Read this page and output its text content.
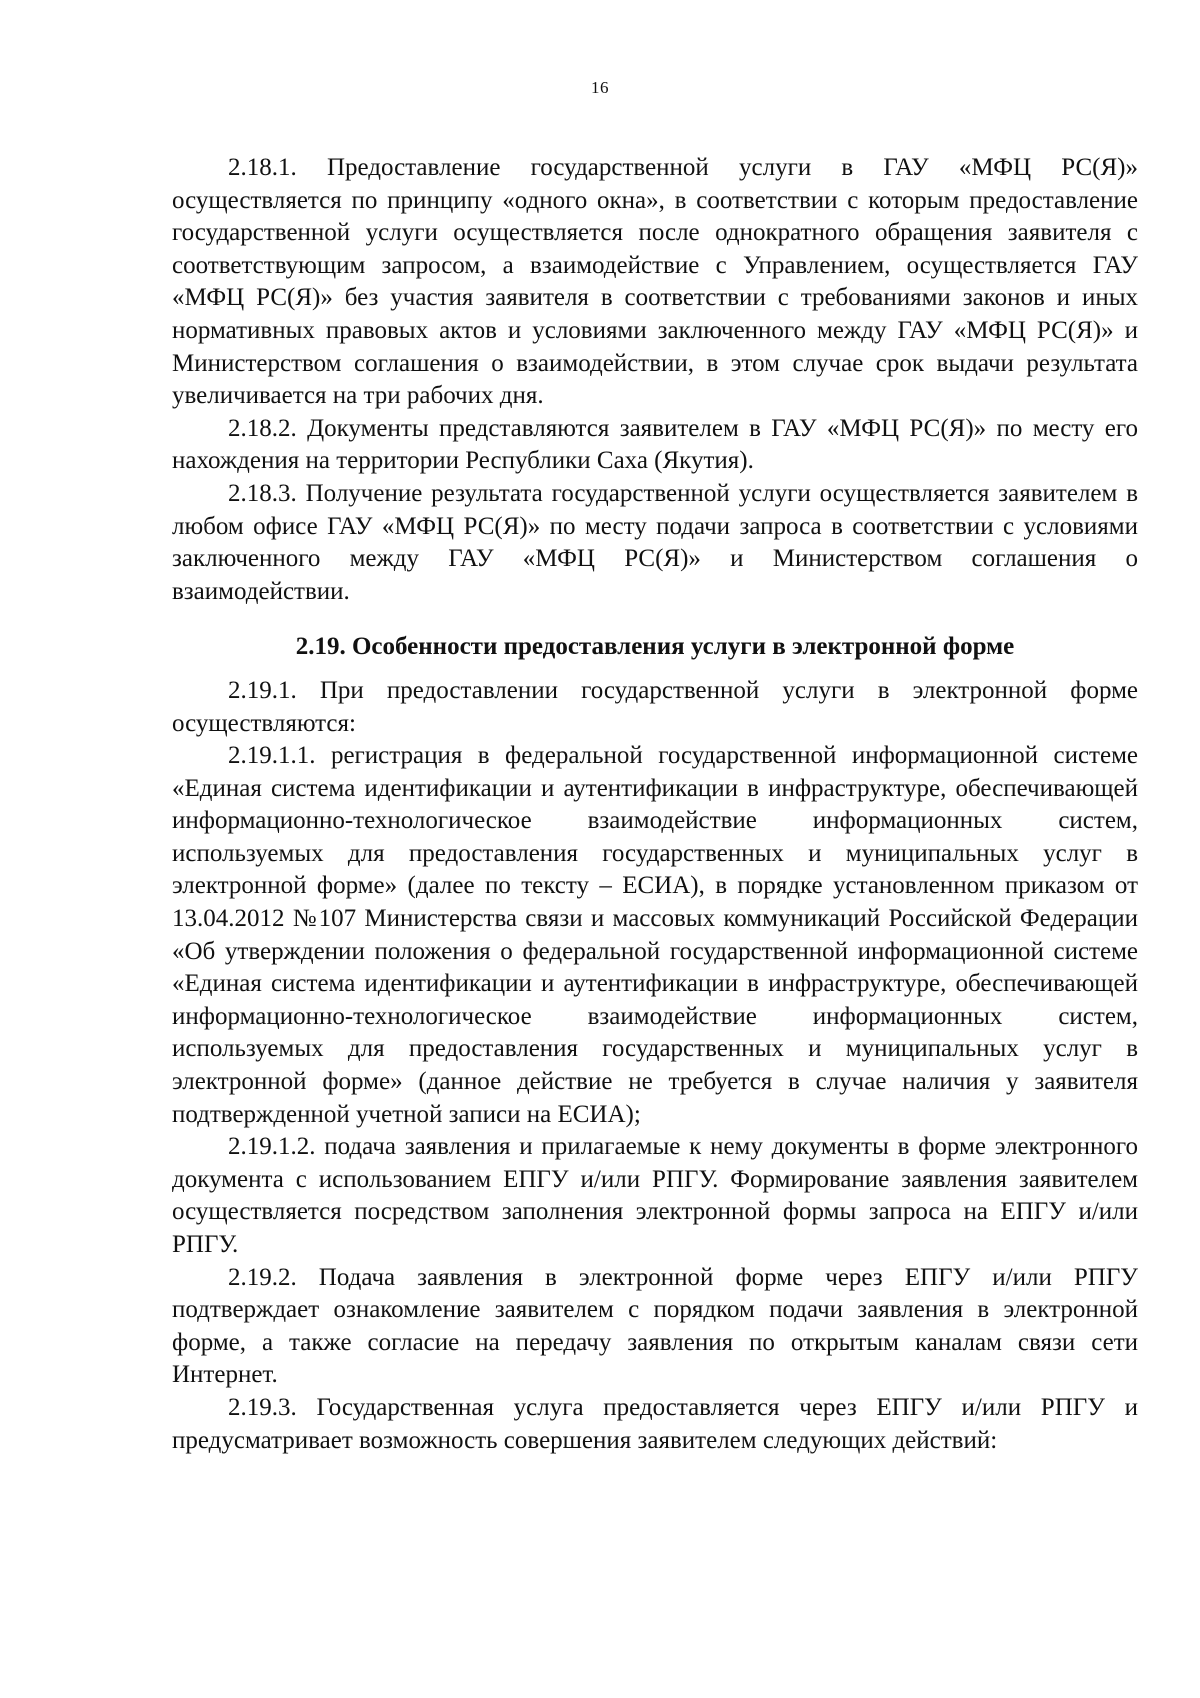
16

2.18.1. Предоставление государственной услуги в ГАУ «МФЦ РС(Я)» осуществляется по принципу «одного окна», в соответствии с которым предоставление государственной услуги осуществляется после однократного обращения заявителя с соответствующим запросом, а взаимодействие с Управлением, осуществляется ГАУ «МФЦ РС(Я)» без участия заявителя в соответствии с требованиями законов и иных нормативных правовых актов и условиями заключенного между ГАУ «МФЦ РС(Я)» и Министерством соглашения о взаимодействии, в этом случае срок выдачи результата увеличивается на три рабочих дня.

2.18.2. Документы представляются заявителем в ГАУ «МФЦ РС(Я)» по месту его нахождения на территории Республики Саха (Якутия).

2.18.3. Получение результата государственной услуги осуществляется заявителем в любом офисе ГАУ «МФЦ РС(Я)» по месту подачи запроса в соответствии с условиями заключенного между ГАУ «МФЦ РС(Я)» и Министерством соглашения о взаимодействии.

2.19. Особенности предоставления услуги в электронной форме

2.19.1. При предоставлении государственной услуги в электронной форме осуществляются:

2.19.1.1. регистрация в федеральной государственной информационной системе «Единая система идентификации и аутентификации в инфраструктуре, обеспечивающей информационно-технологическое взаимодействие информационных систем, используемых для предоставления государственных и муниципальных услуг в электронной форме» (далее по тексту – ЕСИА), в порядке установленном приказом от 13.04.2012 №107 Министерства связи и массовых коммуникаций Российской Федерации «Об утверждении положения о федеральной государственной информационной системе «Единая система идентификации и аутентификации в инфраструктуре, обеспечивающей информационно-технологическое взаимодействие информационных систем, используемых для предоставления государственных и муниципальных услуг в электронной форме» (данное действие не требуется в случае наличия у заявителя подтвержденной учетной записи на ЕСИА);

2.19.1.2. подача заявления и прилагаемые к нему документы в форме электронного документа с использованием ЕПГУ и/или РПГУ. Формирование заявления заявителем осуществляется посредством заполнения электронной формы запроса на ЕПГУ и/или РПГУ.

2.19.2. Подача заявления в электронной форме через ЕПГУ и/или РПГУ подтверждает ознакомление заявителем с порядком подачи заявления в электронной форме, а также согласие на передачу заявления по открытым каналам связи сети Интернет.

2.19.3. Государственная услуга предоставляется через ЕПГУ и/или РПГУ и предусматривает возможность совершения заявителем следующих действий:
